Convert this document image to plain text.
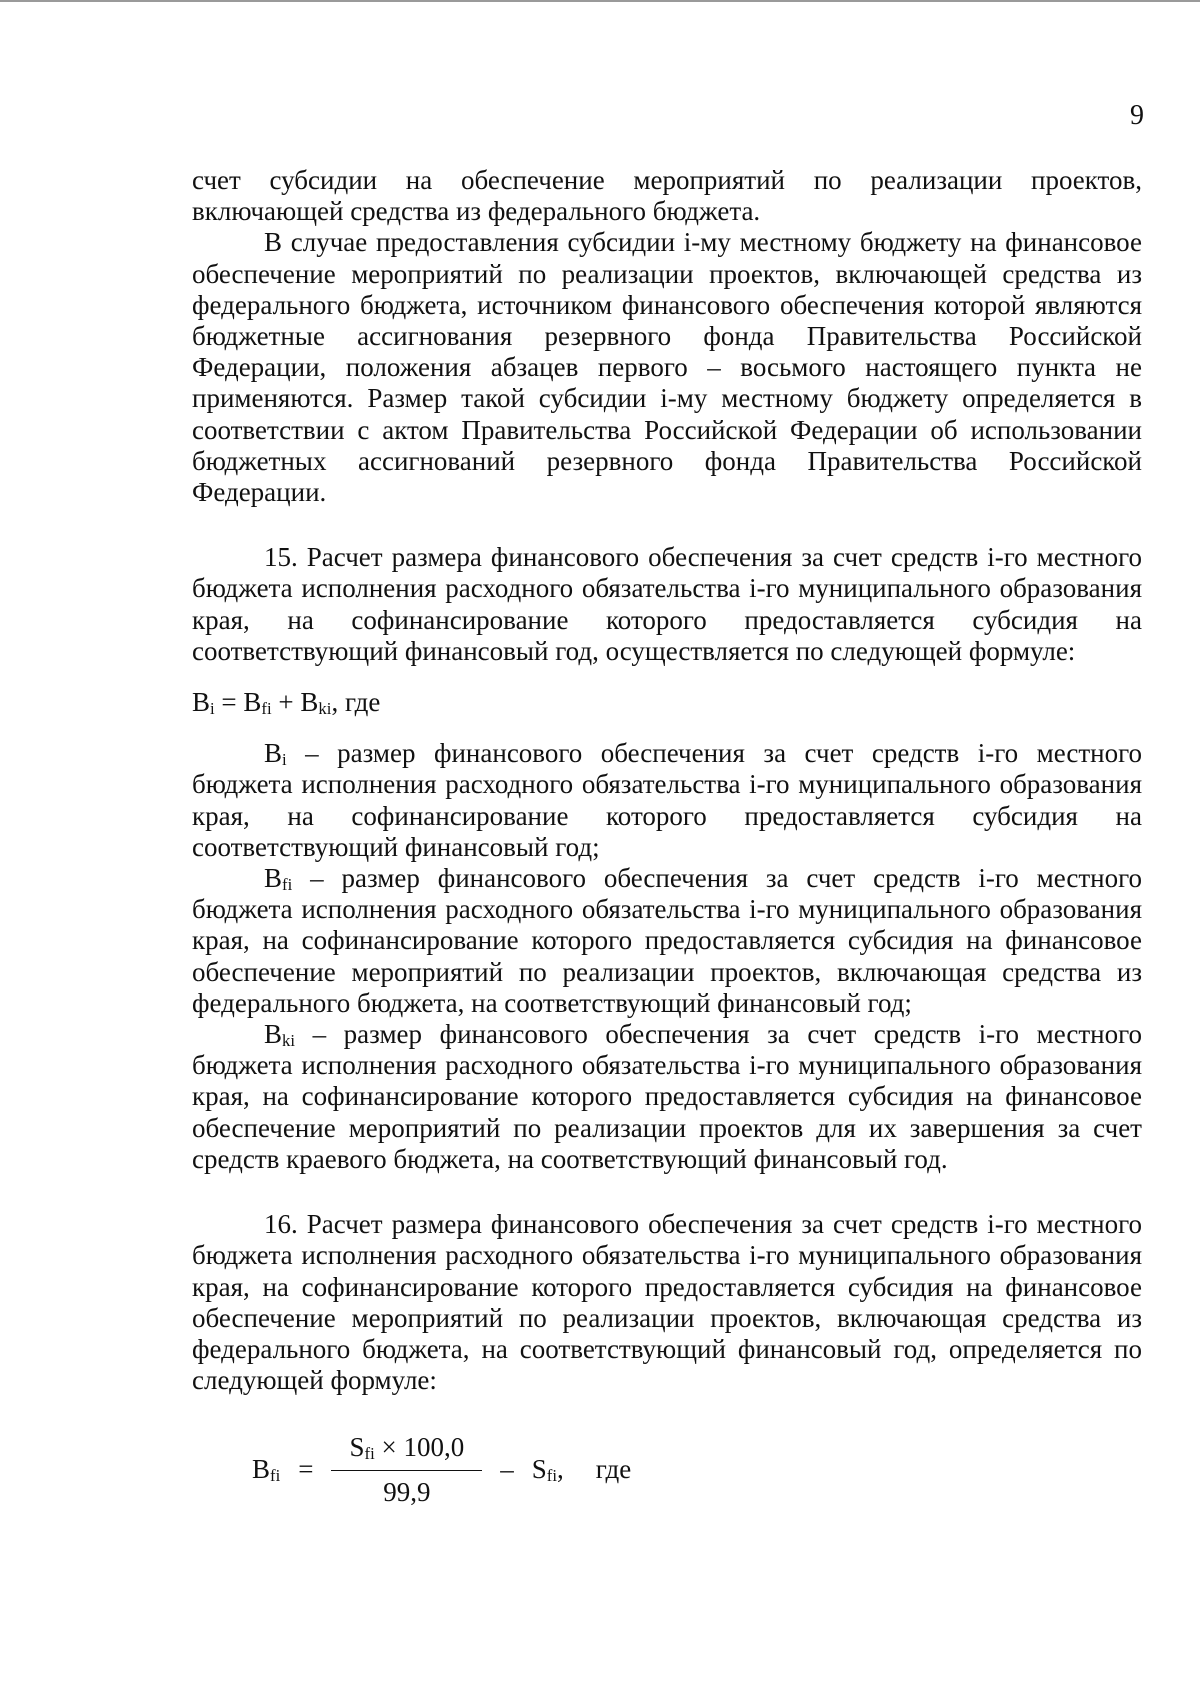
9

счет субсидии на обеспечение мероприятий по реализации проектов, включающей средства из федерального бюджета.

В случае предоставления субсидии i-му местному бюджету на финансовое обеспечение мероприятий по реализации проектов, включающей средства из федерального бюджета, источником финансового обеспечения которой являются бюджетные ассигнования резервного фонда Правительства Российской Федерации, положения абзацев первого – восьмого настоящего пункта не применяются. Размер такой субсидии i-му местному бюджету определяется в соответствии с актом Правительства Российской Федерации об использовании бюджетных ассигнований резервного фонда Правительства Российской Федерации.

15. Расчет размера финансового обеспечения за счет средств i-го местного бюджета исполнения расходного обязательства i-го муниципального образования края, на софинансирование которого предоставляется субсидия на соответствующий финансовый год, осуществляется по следующей формуле:

$B_i = B_{fi} + B_{ki}$, где

$B_i$ – размер финансового обеспечения за счет средств i-го местного бюджета исполнения расходного обязательства i-го муниципального образования края, на софинансирование которого предоставляется субсидия на соответствующий финансовый год;

$B_{fi}$ – размер финансового обеспечения за счет средств i-го местного бюджета исполнения расходного обязательства i-го муниципального образования края, на софинансирование которого предоставляется субсидия на финансовое обеспечение мероприятий по реализации проектов, включающая средства из федерального бюджета, на соответствующий финансовый год;

$B_{ki}$ – размер финансового обеспечения за счет средств i-го местного бюджета исполнения расходного обязательства i-го муниципального образования края, на софинансирование которого предоставляется субсидия на финансовое обеспечение мероприятий по реализации проектов для их завершения за счет средств краевого бюджета, на соответствующий финансовый год.

16. Расчет размера финансового обеспечения за счет средств i-го местного бюджета исполнения расходного обязательства i-го муниципального образования края, на софинансирование которого предоставляется субсидия на финансовое обеспечение мероприятий по реализации проектов, включающая средства из федерального бюджета, на соответствующий финансовый год, определяется по следующей формуле:

$B_{fi} = \frac{S_{fi} \times 100,0}{99,9} - S_{fi}$, где
